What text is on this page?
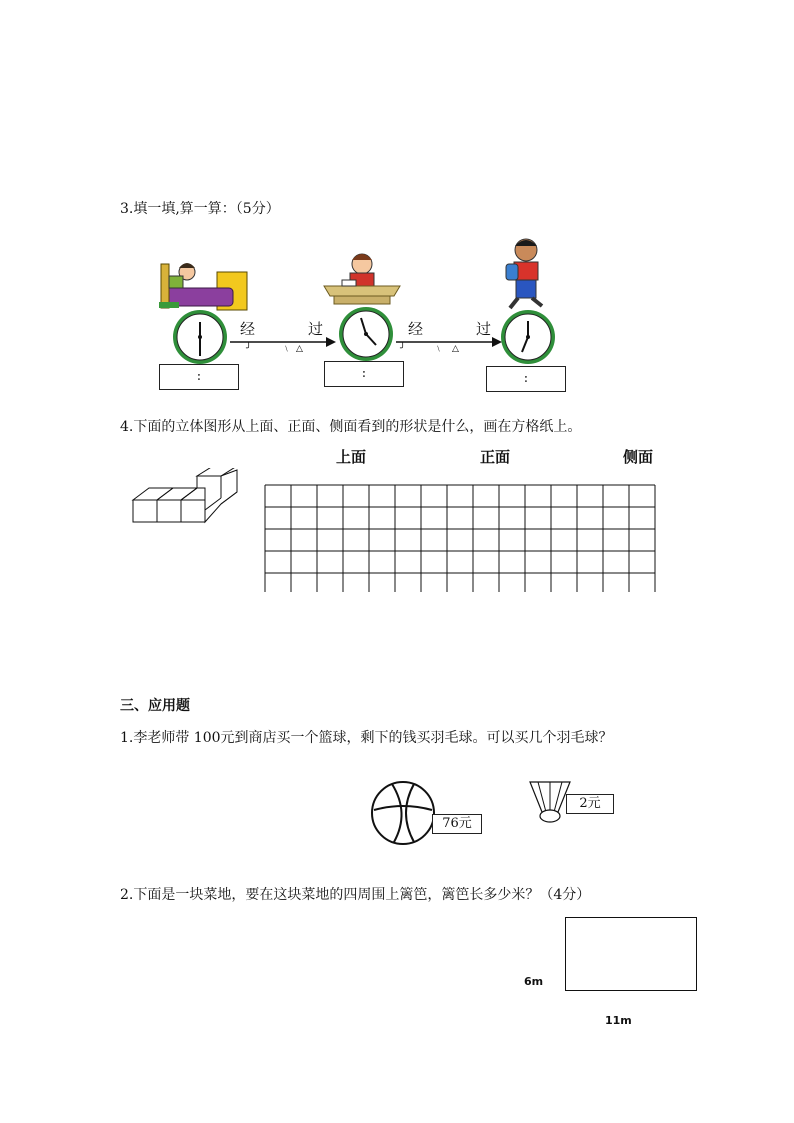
3.填一填,算一算：（5分）
╯	﹨ △	╯	﹨ △
经	过	经	过
:	:	:
4.下面的立体图形从上面、正面、侧面看到的形状是什么，画在方格纸上。
上面	正面	侧面
三、应用题
1.李老师带 100元到商店买一个篮球，剩下的钱买羽毛球。可以买几个羽毛球？
76元
2元
2.下面是一块菜地，要在这块菜地的四周围上篱笆，篱笆长多少米？（4分）
6m
11m
